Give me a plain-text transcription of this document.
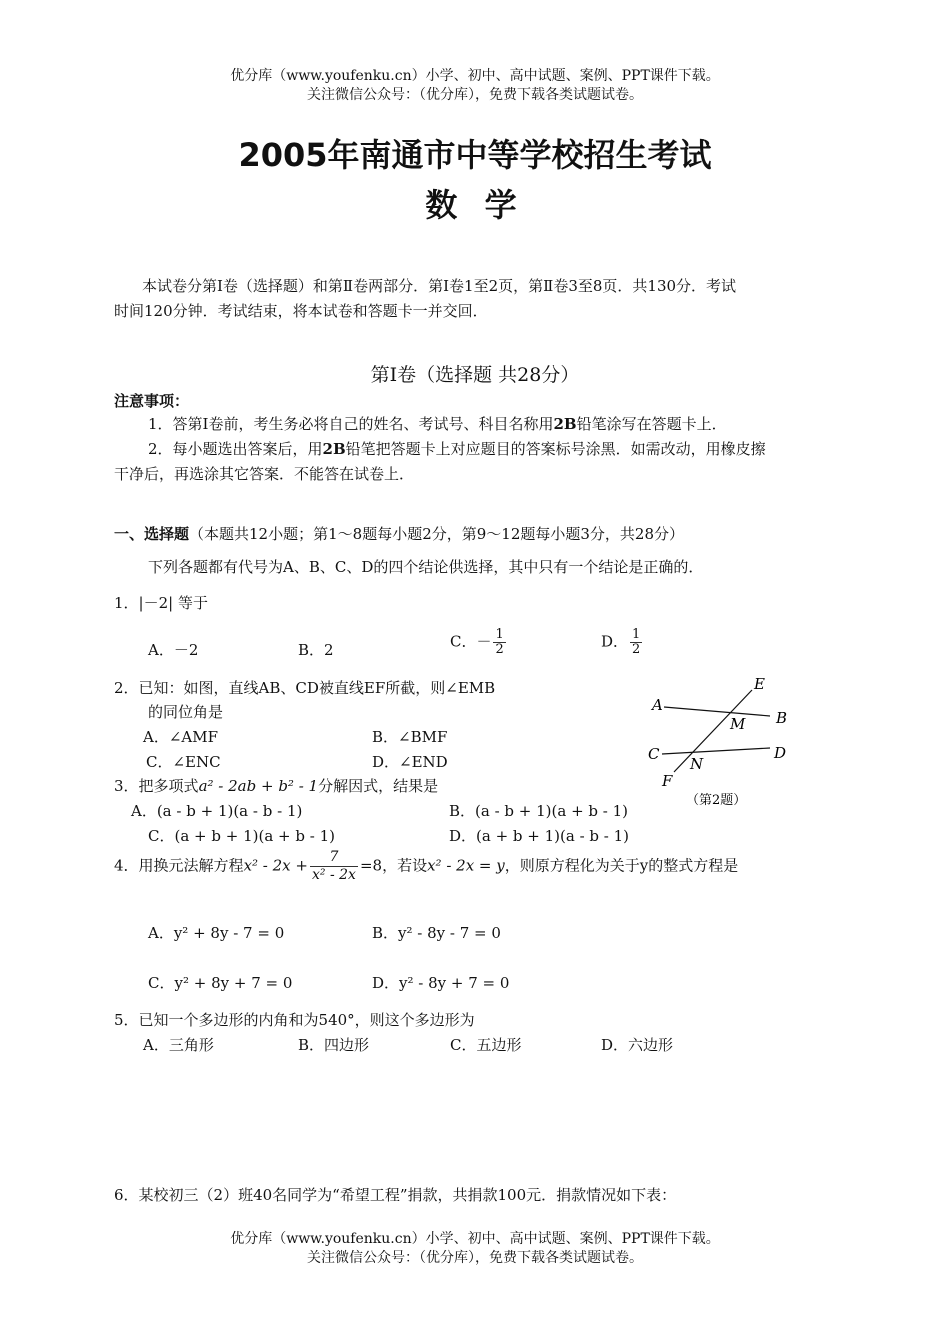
优分库（www.youfenku.cn）小学、初中、高中试题、案例、PPT课件下载。
关注微信公众号：（优分库），免费下载各类试题试卷。
2005年南通市中等学校招生考试
数 学
本试卷分第Ⅰ卷（选择题）和第Ⅱ卷两部分．第Ⅰ卷1至2页，第Ⅱ卷3至8页．共130分．考试
时间120分钟．考试结束，将本试卷和答题卡一并交回．
第Ⅰ卷（选择题 共28分）
注意事项：
1．答第Ⅰ卷前，考生务必将自己的姓名、考试号、科目名称用2B铅笔涂写在答题卡上．
2．每小题选出答案后，用2B铅笔把答题卡上对应题目的答案标号涂黑．如需改动，用橡皮擦
干净后，再选涂其它答案．不能答在试卷上．
一、选择题（本题共12小题；第1～8题每小题2分，第9～12题每小题3分，共28分）
下列各题都有代号为A、B、C、D的四个结论供选择，其中只有一个结论是正确的．
1．|－2| 等于
A．－2	B．2	C．－ $\frac{1}{2}$	D． $\frac{1}{2}$
2．已知：如图，直线AB、CD被直线EF所截，则∠EMB
的同位角是
A．∠AMF	B．∠BMF
C．∠ENC	D．∠END
E
A
M B
C	D
N
F
（第2题）
3．把多项式a² - 2ab + b² - 1分解因式，结果是
A．(a - b + 1)(a - b - 1)	B．(a - b + 1)(a + b - 1)
C．(a + b + 1)(a + b - 1)	D．(a + b + 1)(a - b - 1)
4．用换元法解方程$x^2 - 2x + \frac{7}{\text{x² - 2x}} =8$，若设x² - 2x = y，则原方程化为关于y的整式方程是
A．y² + 8y - 7 = 0	B．y² - 8y - 7 = 0
C．y² + 8y + 7 = 0	D．y² - 8y + 7 = 0
5．已知一个多边形的内角和为540°，则这个多边形为
A．三角形	B．四边形	C．五边形	D．六边形
6．某校初三（2）班40名同学为“希望工程”捐款，共捐款100元．捐款情况如下表：
优分库（www.youfenku.cn）小学、初中、高中试题、案例、PPT课件下载。
关注微信公众号：（优分库），免费下载各类试题试卷。
